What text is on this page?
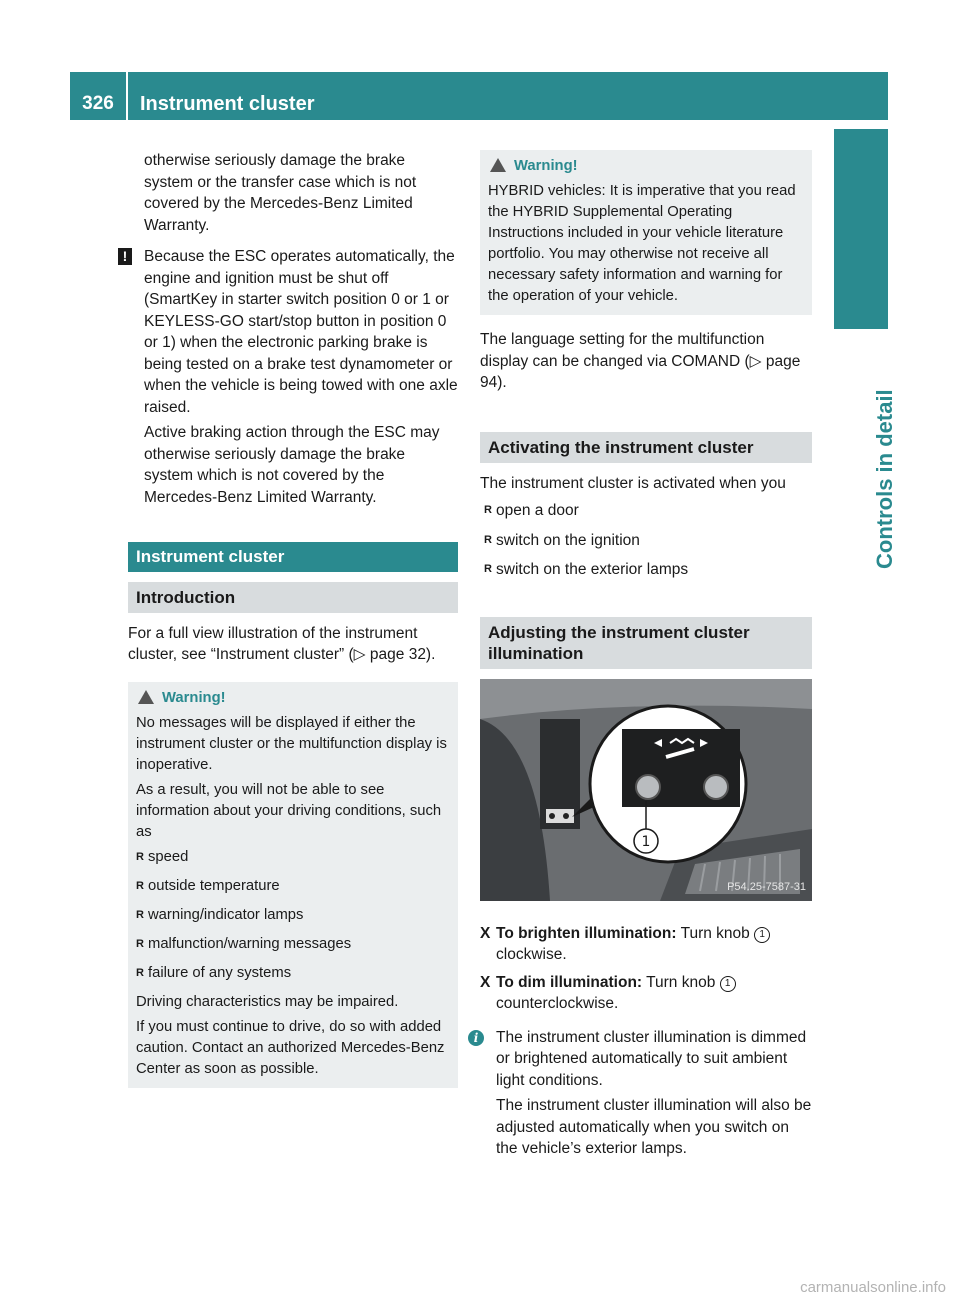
326	Instrument cluster
Controls in detail

otherwise seriously damage the brake system or the transfer case which is not covered by the Mercedes-Benz Limited Warranty.

!	Because the ESC operates automatically, the engine and ignition must be shut off (SmartKey in starter switch position 0 or 1 or KEYLESS-GO start/stop button in position 0 or 1) when the electronic parking brake is being tested on a brake test dynamometer or when the vehicle is being towed with one axle raised.

Active braking action through the ESC may otherwise seriously damage the brake system which is not covered by the Mercedes-Benz Limited Warranty.

Instrument cluster
Introduction

For a full view illustration of the instrument cluster, see “Instrument cluster” (▷ page 32).

Warning!

No messages will be displayed if either the instrument cluster or the multifunction display is inoperative.

As a result, you will not be able to see information about your driving conditions, such as

R speed
R outside temperature
R warning/indicator lamps
R malfunction/warning messages
R failure of any systems

Driving characteristics may be impaired.

If you must continue to drive, do so with added caution. Contact an authorized Mercedes-Benz Center as soon as possible.

Warning!

HYBRID vehicles: It is imperative that you read the HYBRID Supplemental Operating Instructions included in your vehicle literature portfolio. You may otherwise not receive all necessary safety information and warning for the operation of your vehicle.

The language setting for the multifunction display can be changed via COMAND (▷ page 94).

Activating the instrument cluster

The instrument cluster is activated when you

R open a door
R switch on the ignition
R switch on the exterior lamps
Adjusting the instrument cluster illumination
1
P54.25-7587-31
X To brighten illumination: Turn knob 1 clockwise.
X To dim illumination: Turn knob 1 counterclockwise.
i	The instrument cluster illumination is dimmed or brightened automatically to suit ambient light conditions.

The instrument cluster illumination will also be adjusted automatically when you switch on the vehicle’s exterior lamps.

carmanualsonline.info
